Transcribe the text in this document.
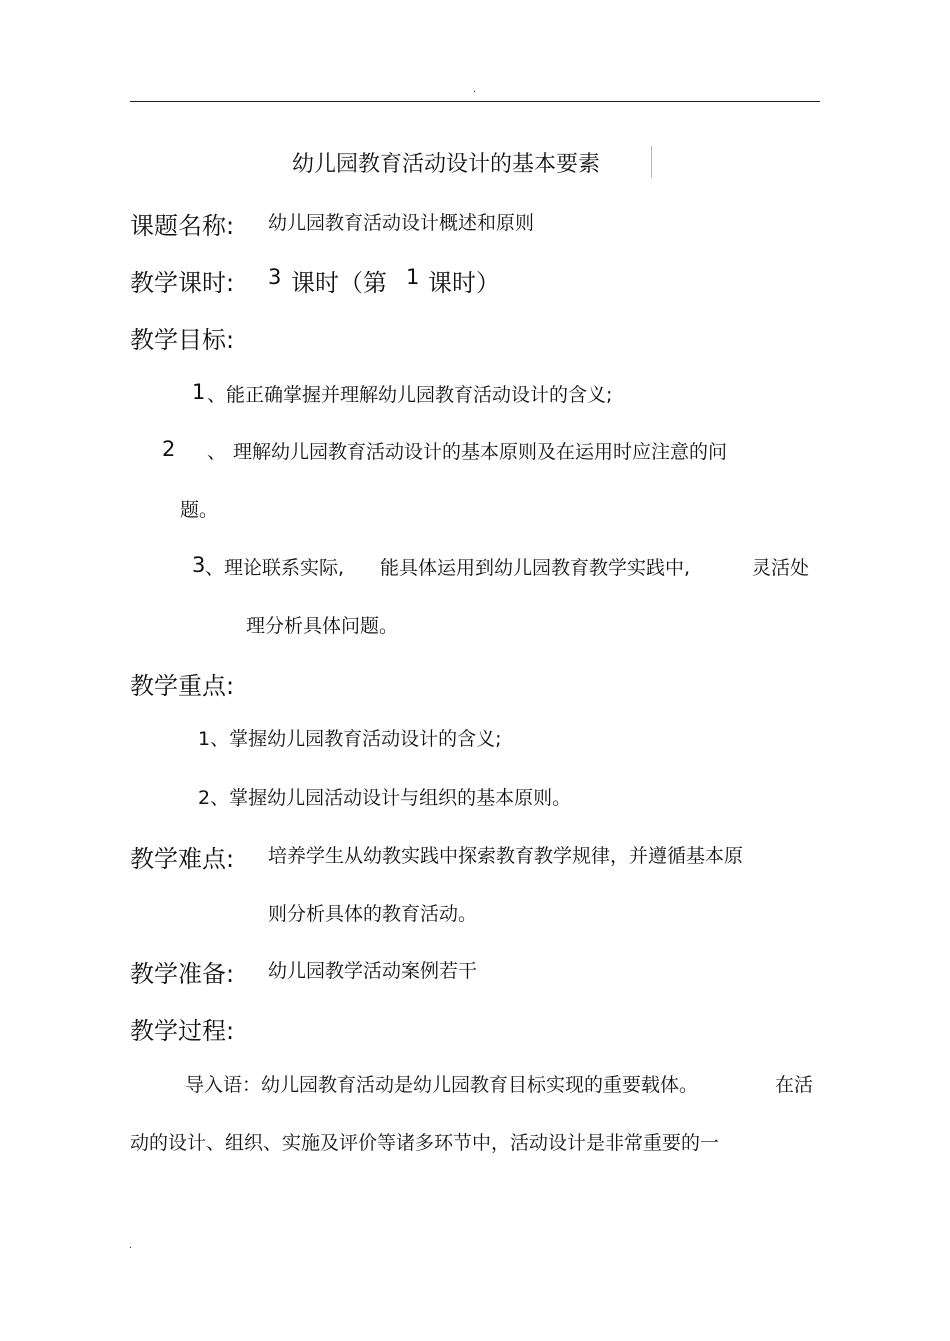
.
幼儿园教育活动设计的基本要素
课题名称: 幼儿园教育活动设计概述和原则
教学课时: 3 课时（第 1 课时）
教学目标:
1 、能正确掌握并理解幼儿园教育活动设计的含义;
2 、 理解幼儿园教育活动设计的基本原则及在运用时应注意的问
题。
3 、理论联系实际, 能具体运用到幼儿园教育教学实践中,	灵活处
理分析具体问题。
教学重点:
1、掌握幼儿园教育活动设计的含义;
2、掌握幼儿园活动设计与组织的基本原则。
教学难点: 培养学生从幼教实践中探索教育教学规律，并遵循基本原
则分析具体的教育活动。
教学准备: 幼儿园教学活动案例若干
教学过程:
导入语：幼儿园教育活动是幼儿园教育目标实现的重要载体。	在活
动的设计、组织、实施及评价等诸多环节中，活动设计是非常重要的一
.
